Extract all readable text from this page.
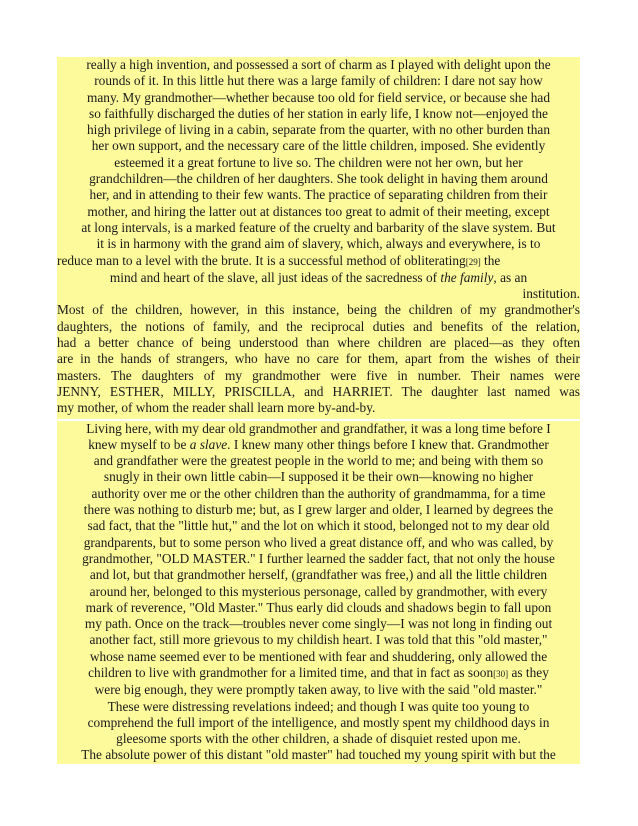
really a high invention, and possessed a sort of charm as I played with delight upon the
rounds of it. In this little hut there was a large family of children: I dare not say how
many. My grandmother—whether because too old for field service, or because she had
so faithfully discharged the duties of her station in early life, I know not—enjoyed the
high privilege of living in a cabin, separate from the quarter, with no other burden than
her own support, and the necessary care of the little children, imposed. She evidently
esteemed it a great fortune to live so. The children were not her own, but her
grandchildren—the children of her daughters. She took delight in having them around
her, and in attending to their few wants. The practice of separating children from their
mother, and hiring the latter out at distances too great to admit of their meeting, except
at long intervals, is a marked feature of the cruelty and barbarity of the slave system. But
it is in harmony with the grand aim of slavery, which, always and everywhere, is to
reduce man to a level with the brute. It is a successful method of obliterating[29] the
mind and heart of the slave, all just ideas of the sacredness of the family, as an
institution.
Most of the children, however, in this instance, being the children of my grandmother's
daughters, the notions of family, and the reciprocal duties and benefits of the relation,
had a better chance of being understood than where children are placed—as they often
are in the hands of strangers, who have no care for them, apart from the wishes of their
masters. The daughters of my grandmother were five in number. Their names were
JENNY, ESTHER, MILLY, PRISCILLA, and HARRIET. The daughter last named was
my mother, of whom the reader shall learn more by-and-by.
Living here, with my dear old grandmother and grandfather, it was a long time before I
knew myself to be a slave. I knew many other things before I knew that. Grandmother
and grandfather were the greatest people in the world to me; and being with them so
snugly in their own little cabin—I supposed it be their own—knowing no higher
authority over me or the other children than the authority of grandmamma, for a time
there was nothing to disturb me; but, as I grew larger and older, I learned by degrees the
sad fact, that the "little hut," and the lot on which it stood, belonged not to my dear old
grandparents, but to some person who lived a great distance off, and who was called, by
grandmother, "OLD MASTER." I further learned the sadder fact, that not only the house
and lot, but that grandmother herself, (grandfather was free,) and all the little children
around her, belonged to this mysterious personage, called by grandmother, with every
mark of reverence, "Old Master." Thus early did clouds and shadows begin to fall upon
my path. Once on the track—troubles never come singly—I was not long in finding out
another fact, still more grievous to my childish heart. I was told that this "old master,"
whose name seemed ever to be mentioned with fear and shuddering, only allowed the
children to live with grandmother for a limited time, and that in fact as soon[30] as they
were big enough, they were promptly taken away, to live with the said "old master."
These were distressing revelations indeed; and though I was quite too young to
comprehend the full import of the intelligence, and mostly spent my childhood days in
gleesome sports with the other children, a shade of disquiet rested upon me.
The absolute power of this distant "old master" had touched my young spirit with but the
